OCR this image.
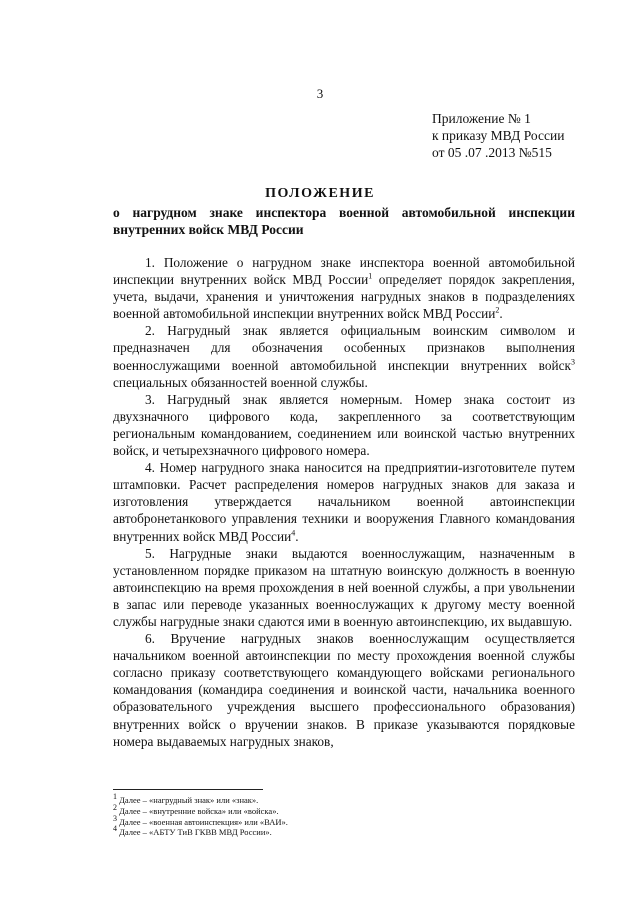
3
Приложение № 1
к приказу МВД России
от 05 .07 .2013 №515
ПОЛОЖЕНИЕ
о нагрудном знаке инспектора военной автомобильной инспекции внутренних войск МВД России

1. Положение о нагрудном знаке инспектора военной автомобильной инспекции внутренних войск МВД России$^1$ определяет порядок закрепления, учета, выдачи, хранения и уничтожения нагрудных знаков в подразделениях военной автомобильной инспекции внутренних войск МВД России$^2$.

2. Нагрудный знак является официальным воинским символом и предназначен для обозначения особенных признаков выполнения военнослужащими военной автомобильной инспекции внутренних войск$^3$ специальных обязанностей военной службы.

3. Нагрудный знак является номерным. Номер знака состоит из двухзначного цифрового кода, закрепленного за соответствующим региональным командованием, соединением или воинской частью внутренних войск, и четырехзначного цифрового номера.

4. Номер нагрудного знака наносится на предприятии-изготовителе путем штамповки. Расчет распределения номеров нагрудных знаков для заказа и изготовления утверждается начальником военной автоинспекции автобронетанкового управления техники и вооружения Главного командования внутренних войск МВД России$^4$.

5. Нагрудные знаки выдаются военнослужащим, назначенным в установленном порядке приказом на штатную воинскую должность в военную автоинспекцию на время прохождения в ней военной службы, а при увольнении в запас или переводе указанных военнослужащих к другому месту военной службы нагрудные знаки сдаются ими в военную автоинспекцию, их выдавшую.

6. Вручение нагрудных знаков военнослужащим осуществляется начальником военной автоинспекции по месту прохождения военной службы согласно приказу соответствующего командующего войсками регионального командования (командира соединения и воинской части, начальника военного образовательного учреждения высшего профессионального образования) внутренних войск о вручении знаков. В приказе указываются порядковые номера выдаваемых нагрудных знаков,

$^1$ Далее – «нагрудный знак» или «знак».
$^2$ Далее – «внутренние войска» или «войска».
$^3$ Далее – «военная автоинспекция» или «ВАИ».
$^4$ Далее – «АБТУ ТиВ ГКВВ МВД России».
